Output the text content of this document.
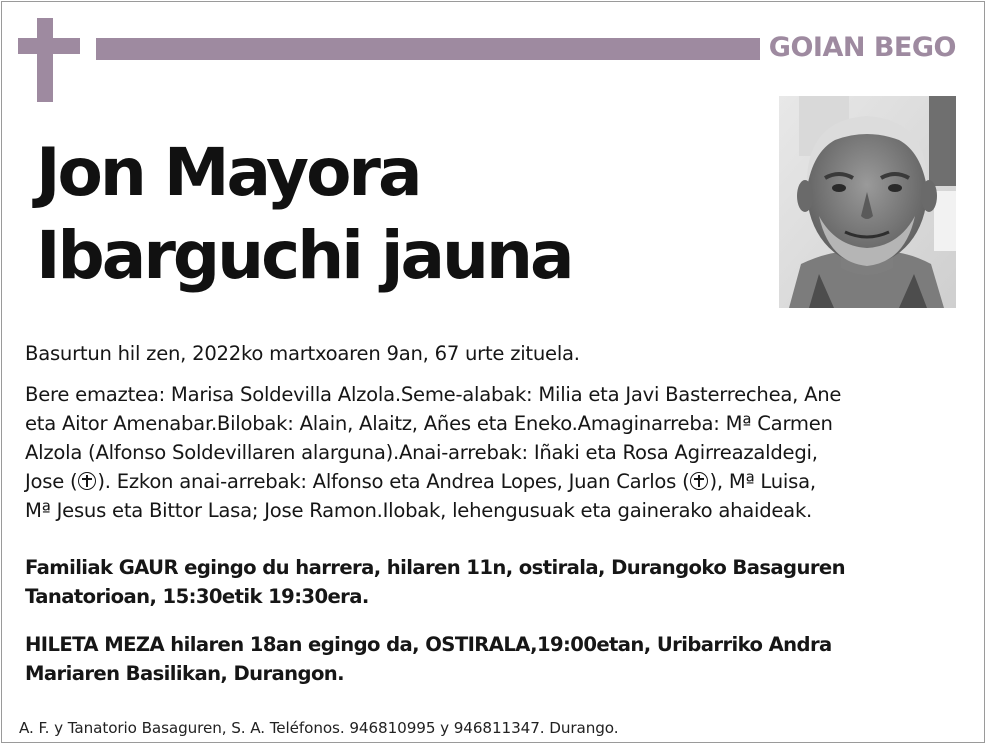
GOIAN BEGO
Jon Mayora
Ibarguchi jauna
Basurtun hil zen, 2022ko martxoaren 9an, 67 urte zituela.
Bere emaztea: Marisa Soldevilla Alzola.Seme-alabak: Milia eta Javi Basterrechea, Ane
eta Aitor Amenabar.Bilobak: Alain, Alaitz, Añes eta Eneko.Amaginarreba: Mª Carmen
Alzola (Alfonso Soldevillaren alarguna).Anai-arrebak: Iñaki eta Rosa Agirreazaldegi,
Jose ( ). Ezkon anai-arrebak: Alfonso eta Andrea Lopes, Juan Carlos ( ), Mª Luisa,
Mª Jesus eta Bittor Lasa; Jose Ramon.Ilobak, lehengusuak eta gainerako ahaideak.
Familiak GAUR egingo du harrera, hilaren 11n, ostirala, Durangoko Basaguren
Tanatorioan, 15:30etik 19:30era.
HILETA MEZA hilaren 18an egingo da, OSTIRALA,19:00etan, Uribarriko Andra
Mariaren Basilikan, Durangon.
A. F. y Tanatorio Basaguren, S. A. Teléfonos. 946810995 y 946811347. Durango.
